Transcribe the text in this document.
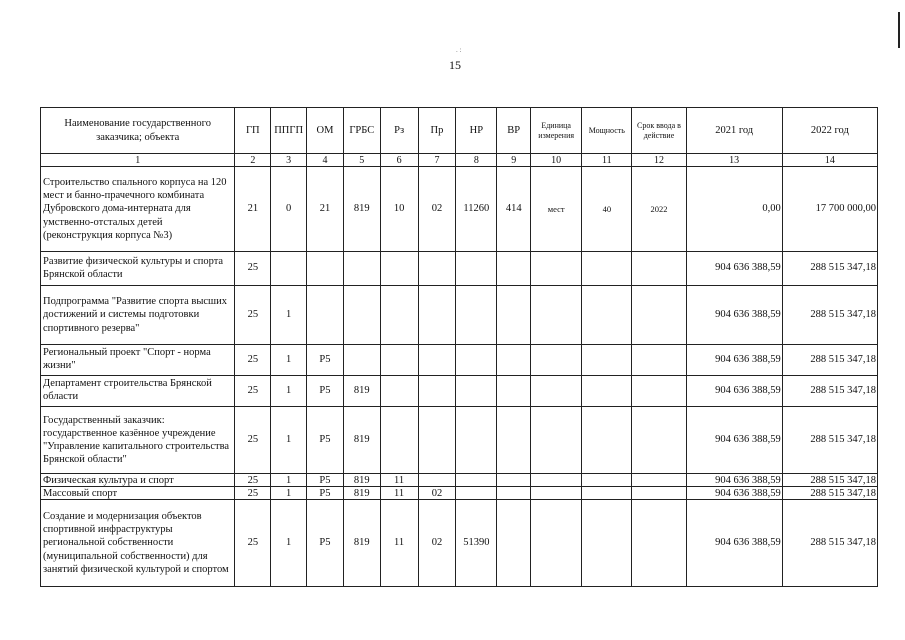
. :
15
Наименование государственного заказчика; объекта	ГП	ППГП	ОМ	ГРБС	Рз	Пр	НР	ВР	Единица измерения	Мощность	Срок ввода в действие	2021 год	2022 год
1	2	3	4	5	6	7	8	9	10	11	12	13	14
Строительство спального корпуса на 120 мест и банно-прачечного комбината Дубровского дома-интерната для умственно-отсталых детей (реконструкция корпуса №3)	21	0	21	819	10	02	11260	414	мест	40	2022	0,00	17 700 000,00
Развитие физической культуры и спорта Брянской области	25											904 636 388,59	288 515 347,18
Подпрограмма "Развитие спорта высших достижений и системы подготовки спортивного резерва"	25	1										904 636 388,59	288 515 347,18
Региональный проект "Спорт - норма жизни"	25	1	P5									904 636 388,59	288 515 347,18
Департамент строительства Брянской области	25	1	P5	819								904 636 388,59	288 515 347,18
Государственный заказчик: государственное казённое учреждение "Управление капитального строительства Брянской области"	25	1	P5	819								904 636 388,59	288 515 347,18
Физическая культура и спорт	25	1	P5	819	11							904 636 388,59	288 515 347,18
Массовый спорт	25	1	P5	819	11	02						904 636 388,59	288 515 347,18
Создание и модернизация объектов спортивной инфраструктуры региональной собственности (муниципальной собственности) для занятий физической культурой и спортом	25	1	P5	819	11	02	51390					904 636 388,59	288 515 347,18
